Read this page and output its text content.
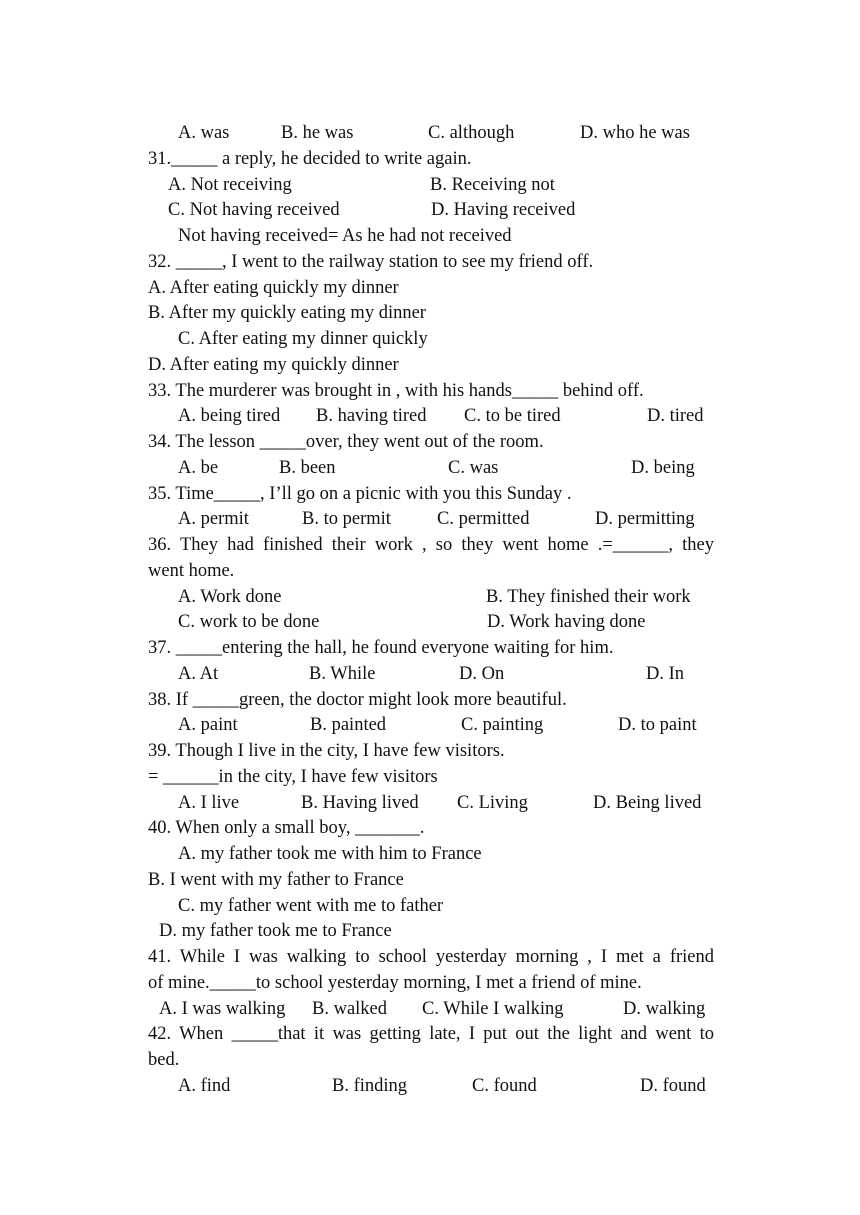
A. was	B. he was	C. although	D. who he was
31._____ a reply, he decided to write again.
A. Not receiving	B. Receiving not
C. Not having received	D. Having received
Not having received= As he had not received
32. _____, I went to the railway station to see my friend off.
A. After eating quickly my dinner
B. After my quickly eating my dinner
C. After eating my dinner quickly
D. After eating my quickly dinner
33. The murderer was brought in , with his hands_____ behind off.
A. being tired B. having tired C. to be tired	D. tired
34. The lesson _____over, they went out of the room.
A. be	B. been	C. was	D. being
35. Time_____, I’ll go on a picnic with you this Sunday .
A. permit	B. to permit C. permitted	D. permitting
36. They had finished their work , so they went home .=______, they
went home.
A. Work done	B. They finished their work
C. work to be done	D. Work having done
37. _____entering the hall, he found everyone waiting for him.
A. At	B. While	D. On	D. In
38. If _____green, the doctor might look more beautiful.
A. paint	B. painted	C. painting	D. to paint
39. Though I live in the city, I have few visitors.
= ______in the city, I have few visitors
A. I live	B. Having lived C. Living	D. Being lived
40. When only a small boy, _______.
A. my father took me with him to France
B. I went with my father to France
C. my father went with me to father
D. my father took me to France
41. While I was walking to school yesterday morning , I met a friend
of mine._____to school yesterday morning, I met a friend of mine.
A. I was walking B. walked C. While I walking	D. walking
42. When _____that it was getting late, I put out the light and went to
bed.
A. find	B. finding	C. found	D. found
